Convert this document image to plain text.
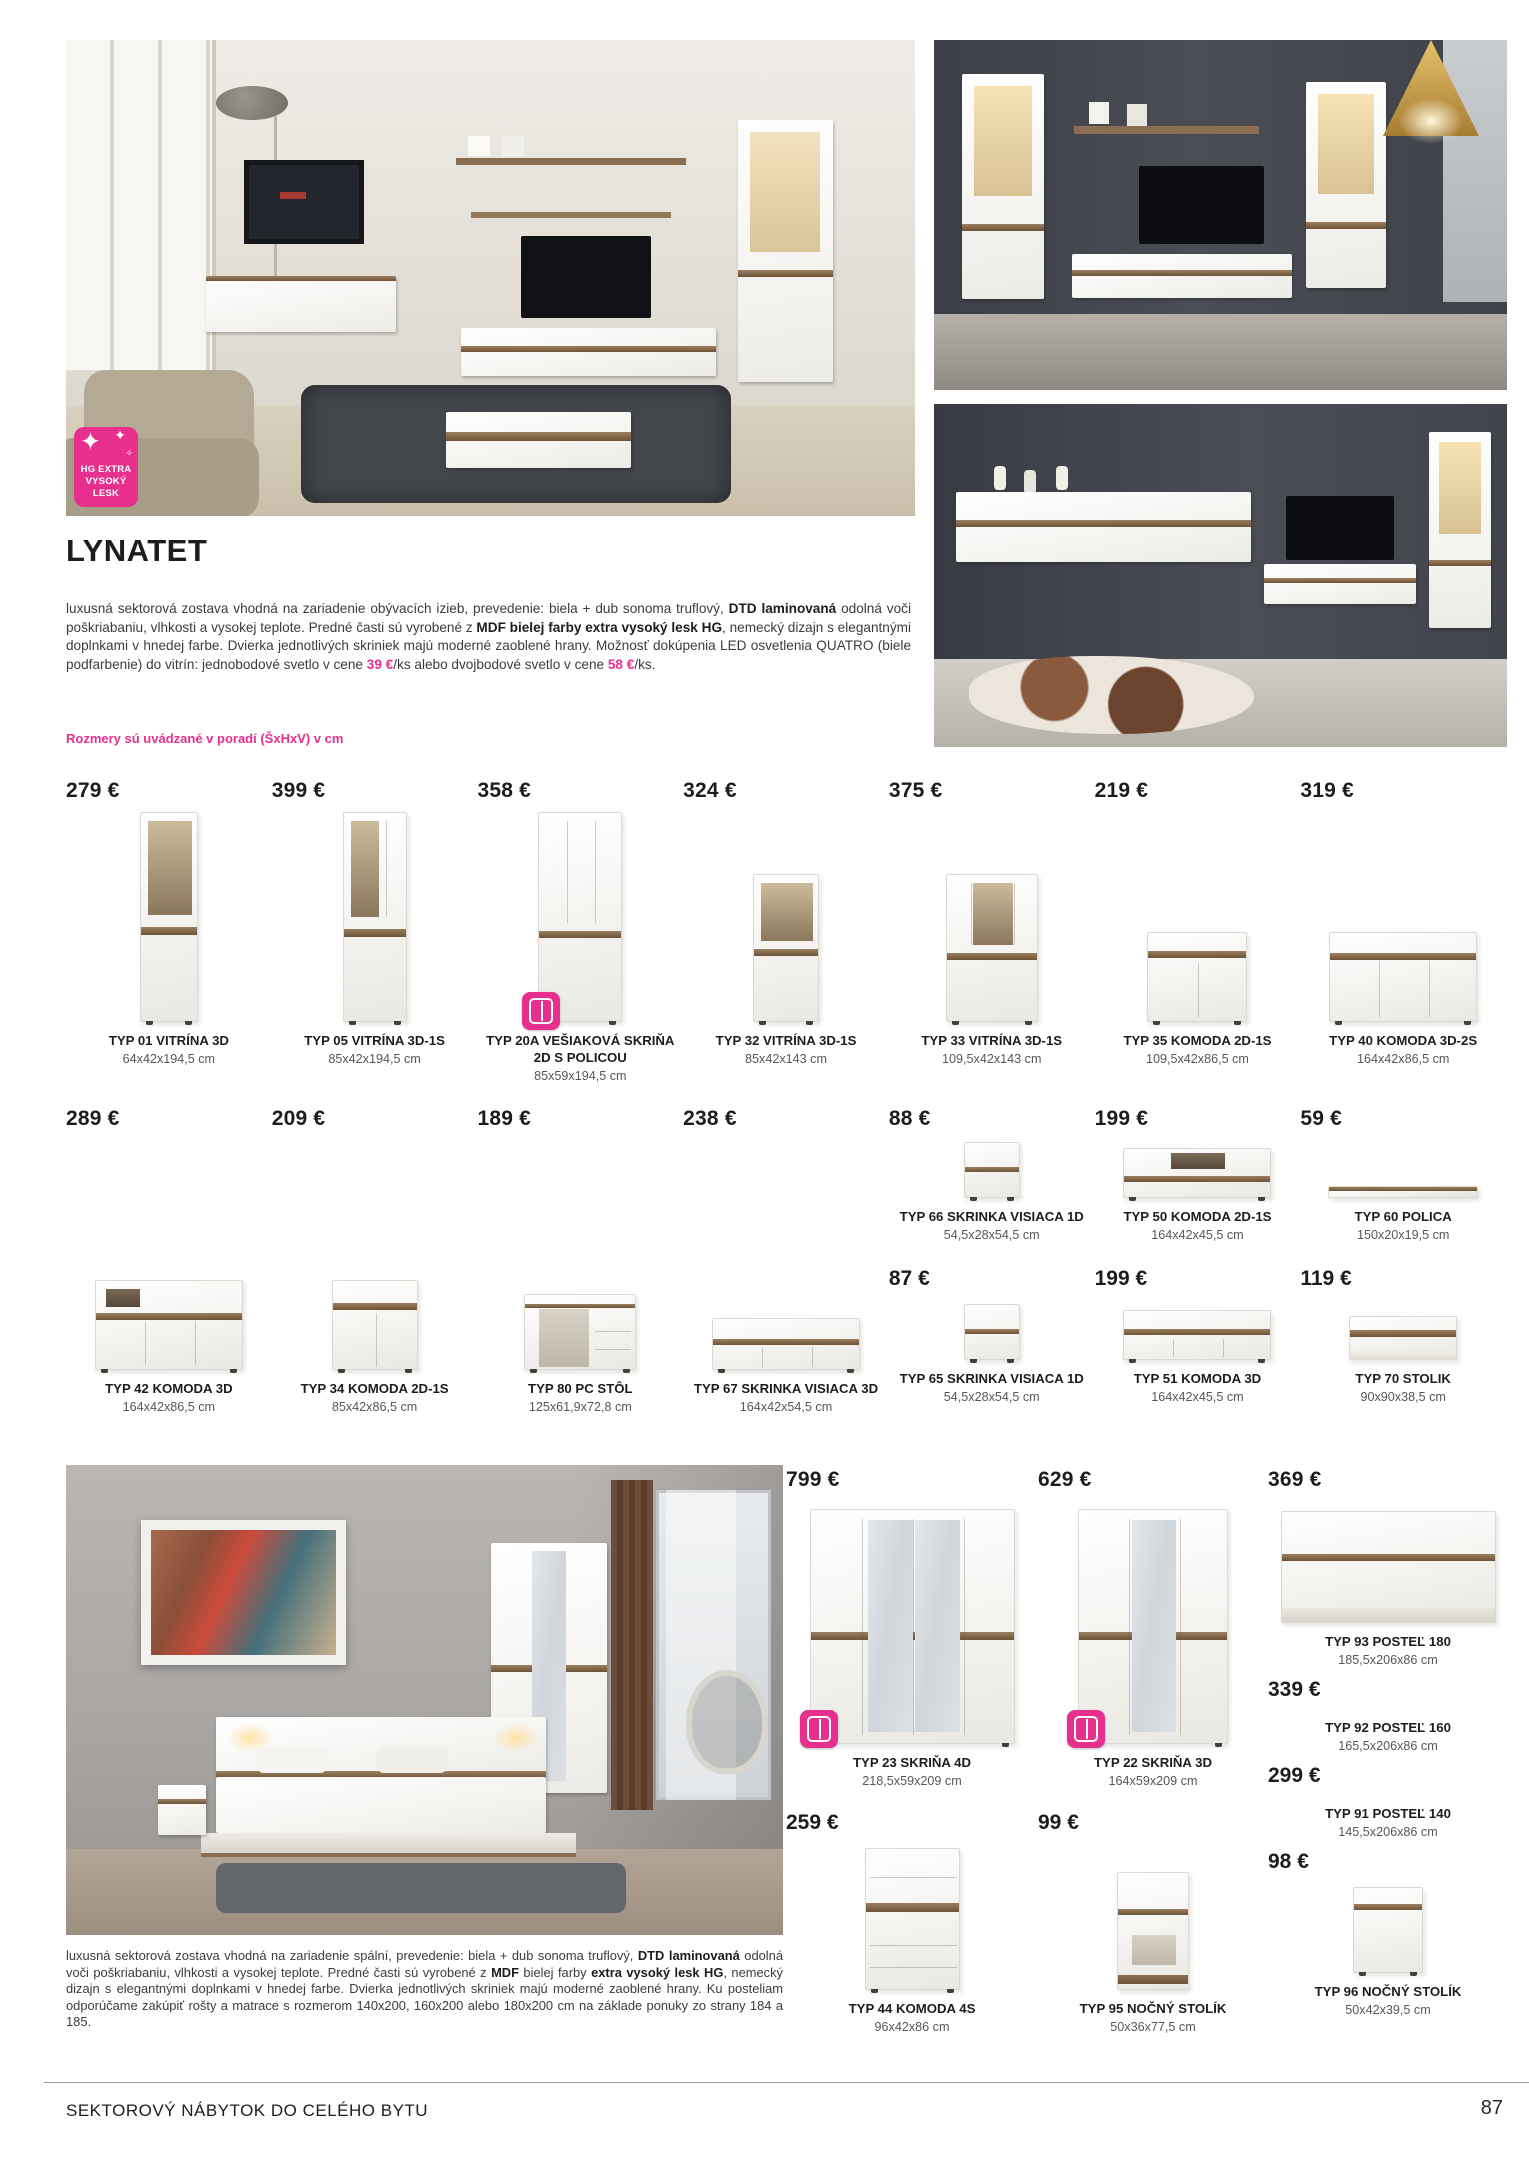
✦ ✦
✧
HG EXTRA
VYSOKÝ
LESK
LYNATET

luxusná sektorová zostava vhodná na zariadenie obývacích izieb, prevedenie: biela + dub sonoma truflový, DTD laminovaná odolná voči poškriabaniu, vlhkosti a vysokej teplote. Predné časti sú vyrobené z MDF bielej farby extra vysoký lesk HG, nemecký dizajn s elegantnými doplnkami v hnedej farbe. Dvierka jednotlivých skriniek majú moderné zaoblené hrany. Možnosť dokúpenia LED osvetlenia QUATRO (biele podfarbenie) do vitrín: jednobodové svetlo v cene 39 €/ks alebo dvojbodové svetlo v cene 58 €/ks.

Rozmery sú uvádzané v poradí (ŠxHxV) v cm
279 €
TYP 01 VITRÍNA 3D
64x42x194,5 cm
399 €
TYP 05 VITRÍNA 3D-1S
85x42x194,5 cm
358 €
TYP 20A VEŠIAKOVÁ SKRIŇA 2D S POLICOU
85x59x194,5 cm
324 €
TYP 32 VITRÍNA 3D-1S
85x42x143 cm
375 €
TYP 33 VITRÍNA 3D-1S
109,5x42x143 cm
219 €
TYP 35 KOMODA 2D-1S
109,5x42x86,5 cm
319 €
TYP 40 KOMODA 3D-2S
164x42x86,5 cm
289 €
TYP 42 KOMODA 3D
164x42x86,5 cm
209 €
TYP 34 KOMODA 2D-1S
85x42x86,5 cm
189 €
TYP 80 PC STÔL
125x61,9x72,8 cm
238 €
TYP 67 SKRINKA VISIACA 3D
164x42x54,5 cm
88 €
TYP 66 SKRINKA VISIACA 1D
54,5x28x54,5 cm
87 €
TYP 65 SKRINKA VISIACA 1D
54,5x28x54,5 cm
199 €
TYP 50 KOMODA 2D-1S
164x42x45,5 cm
199 €
TYP 51 KOMODA 3D
164x42x45,5 cm
59 €
TYP 60 POLICA
150x20x19,5 cm
119 €
TYP 70 STOLIK
90x90x38,5 cm
799 €
TYP 23 SKRIŇA 4D
218,5x59x209 cm
259 €
TYP 44 KOMODA 4S
96x42x86 cm
629 €
TYP 22 SKRIŇA 3D
164x59x209 cm
99 €
TYP 95 NOČNÝ STOLÍK
50x36x77,5 cm
369 €
TYP 93 POSTEĽ 180
185,5x206x86 cm
339 €
TYP 92 POSTEĽ 160
165,5x206x86 cm
299 €
TYP 91 POSTEĽ 140
145,5x206x86 cm
98 €
TYP 96 NOČNÝ STOLÍK
50x42x39,5 cm

luxusná sektorová zostava vhodná na zariadenie spální, prevedenie: biela + dub sonoma truflový, DTD laminovaná odolná voči poškriabaniu, vlhkosti a vysokej teplote. Predné časti sú vyrobené z MDF bielej farby extra vysoký lesk HG, nemecký dizajn s elegantnými doplnkami v hnedej farbe. Dvierka jednotlivých skriniek majú moderné zaoblené hrany. Ku posteliam odporúčame zakúpiť rošty a matrace s rozmerom 140x200, 160x200 alebo 180x200 cm na základe ponuky zo strany 184 a 185.

SEKTOROVÝ NÁBYTOK DO CELÉHO BYTU	87
